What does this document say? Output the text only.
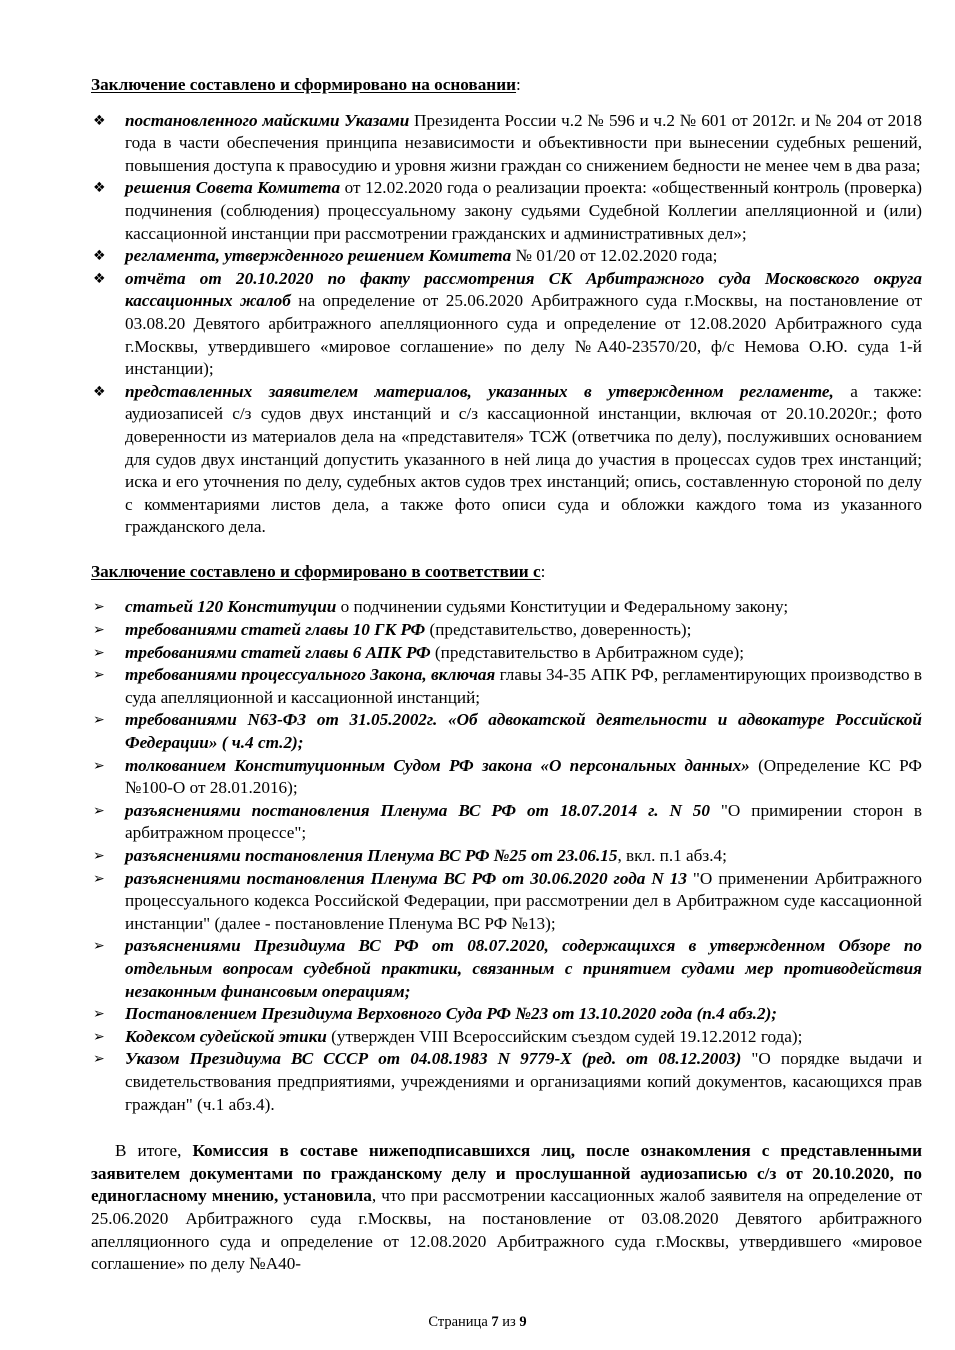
Заключение составлено и сформировано на основании:

❖ постановленного майскими Указами Президента России ч.2 № 596 и ч.2 № 601 от 2012г. и № 204 от 2018 года в части обеспечения принципа независимости и объективности при вынесении судебных решений, повышения доступа к правосудию и уровня жизни граждан со снижением бедности не менее чем в два раза;
❖ решения Совета Комитета от 12.02.2020 года о реализации проекта: «общественный контроль (проверка) подчинения (соблюдения) процессуальному закону судьями Судебной Коллегии апелляционной и (или) кассационной инстанции при рассмотрении гражданских и административных дел»;
❖ регламента, утвержденного решением Комитета № 01/20 от 12.02.2020 года;
❖ отчёта от 20.10.2020 по факту рассмотрения СК Арбитражного суда Московского округа кассационных жалоб на определение от 25.06.2020 Арбитражного суда г.Москвы, на постановление от 03.08.20 Девятого арбитражного апелляционного суда и определение от 12.08.2020 Арбитражного суда г.Москвы, утвердившего «мировое соглашение» по делу №А40-23570/20, ф/с Немова О.Ю. суда 1-й инстанции);
❖ представленных заявителем материалов, указанных в утвержденном регламенте, а также: аудиозаписей с/з судов двух инстанций и с/з кассационной инстанции, включая от 20.10.2020г.; фото доверенности из материалов дела на «представителя» ТСЖ (ответчика по делу), послуживших основанием для судов двух инстанций допустить указанного в ней лица до участия в процессах судов трех инстанций; иска и его уточнения по делу, судебных актов судов трех инстанций; опись, составленную стороной по делу с комментариями листов дела, а также фото описи суда и обложки каждого тома из указанного гражданского дела.

Заключение составлено и сформировано в соответствии с:

➢ статьей 120 Конституции о подчинении судьями Конституции и Федеральному закону;
➢ требованиями статей главы 10 ГК РФ (представительство, доверенность);
➢ требованиями статей главы 6 АПК РФ (представительство в Арбитражном суде);
➢ требованиями процессуального Закона, включая главы 34-35 АПК РФ, регламентирующих производство в суда апелляционной и кассационной инстанций;
➢ требованиями N63-ФЗ от 31.05.2002г. «Об адвокатской деятельности и адвокатуре Российской Федерации» ( ч.4 ст.2);
➢ толкованием Конституционным Судом РФ закона «О персональных данных» (Определение КС РФ №100-О от 28.01.2016);
➢ разъяснениями постановления Пленума ВС РФ от 18.07.2014 г. N 50 "О примирении сторон в арбитражном процессе";
➢ разъяснениями постановления Пленума ВС РФ №25 от 23.06.15, вкл. п.1 абз.4;
➢ разъяснениями постановления Пленума ВС РФ от 30.06.2020 года N 13 "О применении Арбитражного процессуального кодекса Российской Федерации, при рассмотрении дел в Арбитражном суде кассационной инстанции" (далее - постановление Пленума ВС РФ №13);
➢ разъяснениями Президиума ВС РФ от 08.07.2020, содержащихся в утвержденном Обзоре по отдельным вопросам судебной практики, связанным с принятием судами мер противодействия незаконным финансовым операциям;
➢ Постановлением Президиума Верховного Суда РФ №23 от 13.10.2020 года (п.4 абз.2);
➢ Кодексом судейской этики (утвержден VIII Всероссийским съездом судей 19.12.2012 года);
➢ Указом Президиума ВС СССР от 04.08.1983 N 9779-X (ред. от 08.12.2003) "О порядке выдачи и свидетельствования предприятиями, учреждениями и организациями копий документов, касающихся прав граждан" (ч.1 абз.4).

В итоге, Комиссия в составе нижеподписавшихся лиц, после ознакомления с представленными заявителем документами по гражданскому делу и прослушанной аудиозаписью с/з от 20.10.2020, по единогласному мнению, установила, что при рассмотрении кассационных жалоб заявителя на определение от 25.06.2020 Арбитражного суда г.Москвы, на постановление от 03.08.2020 Девятого арбитражного апелляционного суда и определение от 12.08.2020 Арбитражного суда г.Москвы, утвердившего «мировое соглашение» по делу №А40-

Страница 7 из 9
